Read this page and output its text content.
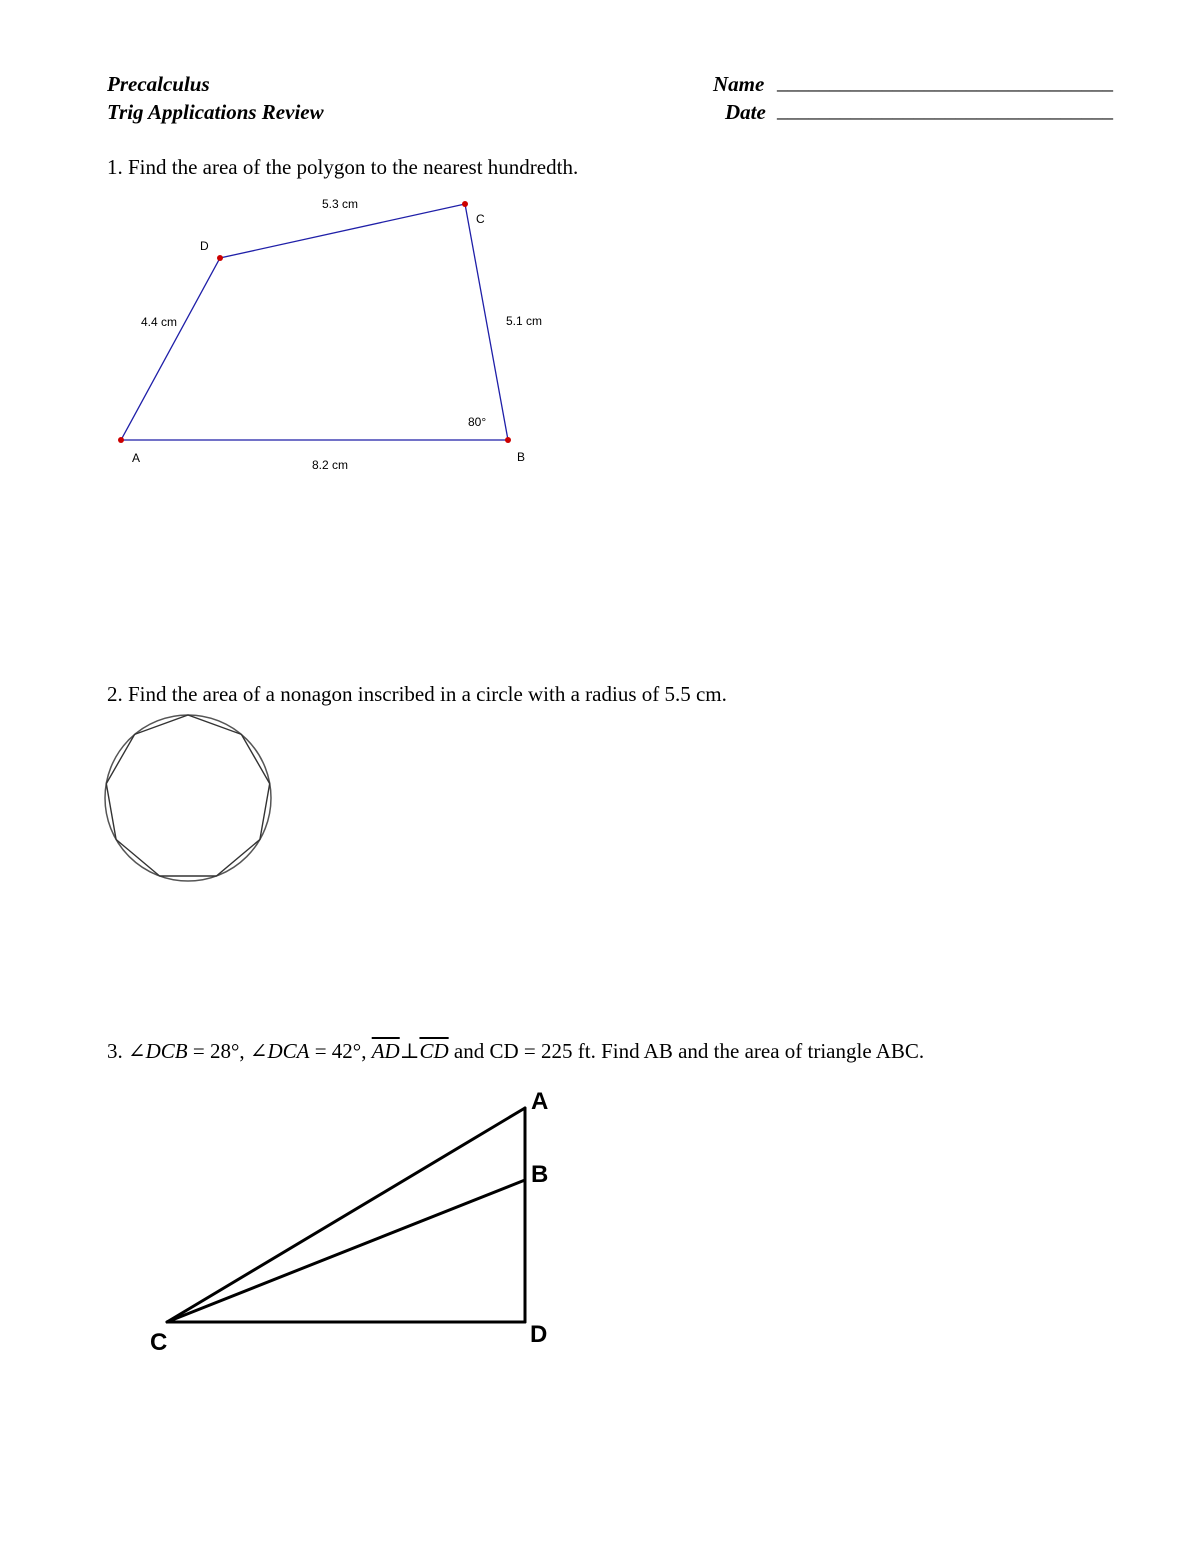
Precalculus
Trig Applications Review
Name ________________________________
Date ________________________________
1. Find the area of the polygon to the nearest hundredth.
A	B
C
D
5.3 cm
4.4 cm	5.1 cm
8.2 cm
80°
2. Find the area of a nonagon inscribed in a circle with a radius of 5.5 cm.
3. ∠DCB = 28°, ∠DCA = 42°, $\overline{AD}\perp\overline{CD}$ and CD = 225 ft. Find AB and the area of triangle ABC.
A
B
C	D
